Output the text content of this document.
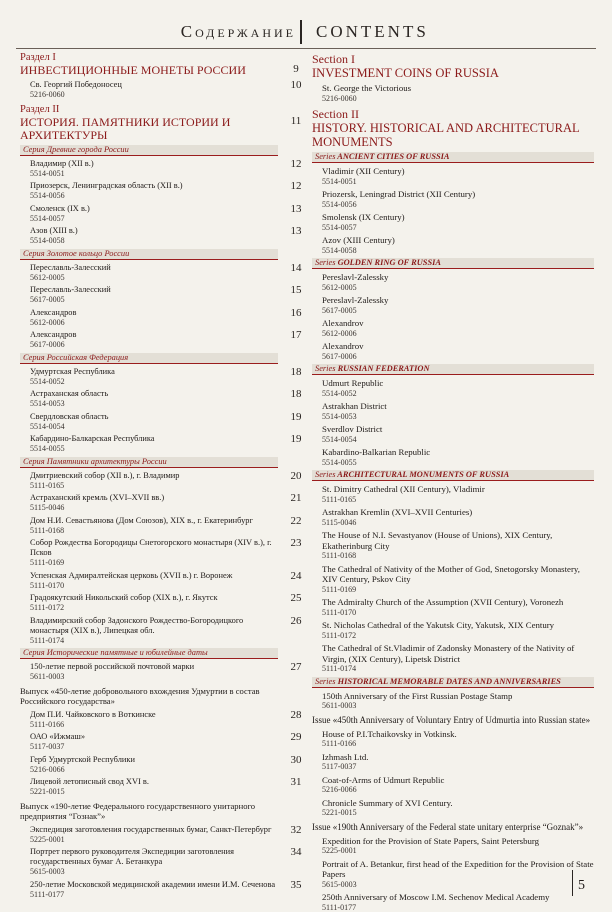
Содержание CONTENTS
Раздел I
ИНВЕСТИЦИОННЫЕ МОНЕТЫ РОССИИ
Св. Георгий Победоносец
5216-0060
Раздел II
ИСТОРИЯ. ПАМЯТНИКИ ИСТОРИИ И АРХИТЕКТУРЫ
Серия Древние города России
Владимир (XII в.)
5514-0051
Приозерск, Ленинградская область (XII в.)
5514-0056
Смоленск (IX в.)
5514-0057
Азов (XIII в.)
5514-0058
Серия Золотое кольцо России
Переславль-Залесский
5612-0005
Переславль-Залесский
5617-0005
Александров
5612-0006
Александров
5617-0006
Серия Российская Федерация
Удмуртская Республика
5514-0052
Астраханская область
5514-0053
Свердловская область
5514-0054
Кабардино-Балкарская Республика
5514-0055
Серия Памятники архитектуры России
Дмитриевский собор (XII в.), г. Владимир
5111-0165
Астраханский кремль (XVI–XVII вв.)
5115-0046
Дом Н.И. Севастьянова (Дом Союзов), XIX в., г. Екатеринбург
5111-0168
Собор Рождества Богородицы Снетогорского монастыря (XIV в.), г. Псков
5111-0169
Успенская Адмиралтейская церковь (XVII в.) г. Воронеж
5111-0170
Градоякутский Никольский собор (XIX в.), г. Якутск
5111-0172
Владимирский собор Задонского Рождество-Богородицкого монастыря (XIX в.), Липецкая обл.
5111-0174
Серия Исторические памятные и юбилейные даты
150-летие первой российской почтовой марки
5611-0003
Выпуск «450-летие добровольного вхождения Удмуртии в состав Российского государства»
Дом П.И. Чайковского в Воткинске
5111-0166
ОАО «Ижмаш»
5117-0037
Герб Удмуртской Республики
5216-0066
Лицевой летописный свод XVI в.
5221-0015
Выпуск «190-летие Федерального государственного унитарного предприятия “Гознак”»
Экспедиция заготовления государственных бумаг, Санкт-Петербург
5225-0001
Портрет первого руководителя Экспедиции заготовления государственных бумаг А. Бетанкура
5615-0003
250-летие Московской медицинской академии имени И.М. Сеченова
5111-0177
Section I
INVESTMENT COINS OF RUSSIA
St. George the Victorious
5216-0060
Section II
HISTORY. HISTORICAL AND ARCHITECTURAL MONUMENTS
Series ANCIENT CITIES OF RUSSIA
Vladimir (XII Century)
5514-0051
Priozersk, Leningrad District (XII Century)
5514-0056
Smolensk (IX Century)
5514-0057
Azov (XIII Century)
5514-0058
Series GOLDEN RING OF RUSSIA
Pereslavl-Zalessky
5612-0005
Pereslavl-Zalessky
5617-0005
Alexandrov
5612-0006
Alexandrov
5617-0006
Series RUSSIAN FEDERATION
Udmurt Republic
5514-0052
Astrakhan District
5514-0053
Sverdlov District
5514-0054
Kabardino-Balkarian Republic
5514-0055
Series ARCHITECTURAL MONUMENTS OF RUSSIA
St. Dimitry Cathedral (XII Century), Vladimir
5111-0165
Astrakhan Kremlin (XVI–XVII Centuries)
5115-0046
The House of N.I. Sevastyanov (House of Unions), XIX Century, Ekatherinburg City
5111-0168
The Cathedral of Nativity of the Mother of God, Snetogorsky Monastery, XIV Century, Pskov City
5111-0169
The Admiralty Church of the Assumption (XVII Century), Voronezh
5111-0170
St. Nicholas Cathedral of the Yakutsk City, Yakutsk, XIX Century
5111-0172
The Cathedral of St.Vladimir of Zadonsky Monastery of the Nativity of Virgin, (XIX Century), Lipetsk District
5111-0174
Series HISTORICAL MEMORABLE DATES AND ANNIVERSARIES
150th Anniversary of the First Russian Postage Stamp
5611-0003
Issue «450th Anniversary of Voluntary Entry of Udmurtia into Russian state»
House of P.I.Tchaikovsky in Votkinsk.
5111-0166
Izhmash Ltd.
5117-0037
Coat-of-Arms of Udmurt Republic
5216-0066
Chronicle Summary of XVI Century.
5221-0015
Issue «190th Anniversary of the Federal state unitary enterprise “Goznak”»
Expedition for the Provision of State Papers, Saint Petersburg
5225-0001
Portrait of A. Betankur, first head of the Expedition for the Provision of State Papers
5615-0003
250th Anniversary of Moscow I.M. Sechenov Medical Academy
5111-0177
9
10
11
12
12
13
13
14
15
16
17
18
18
19
19
20
21
22
23
24
25
26
27
28
29
30
31
32
34
35	5
